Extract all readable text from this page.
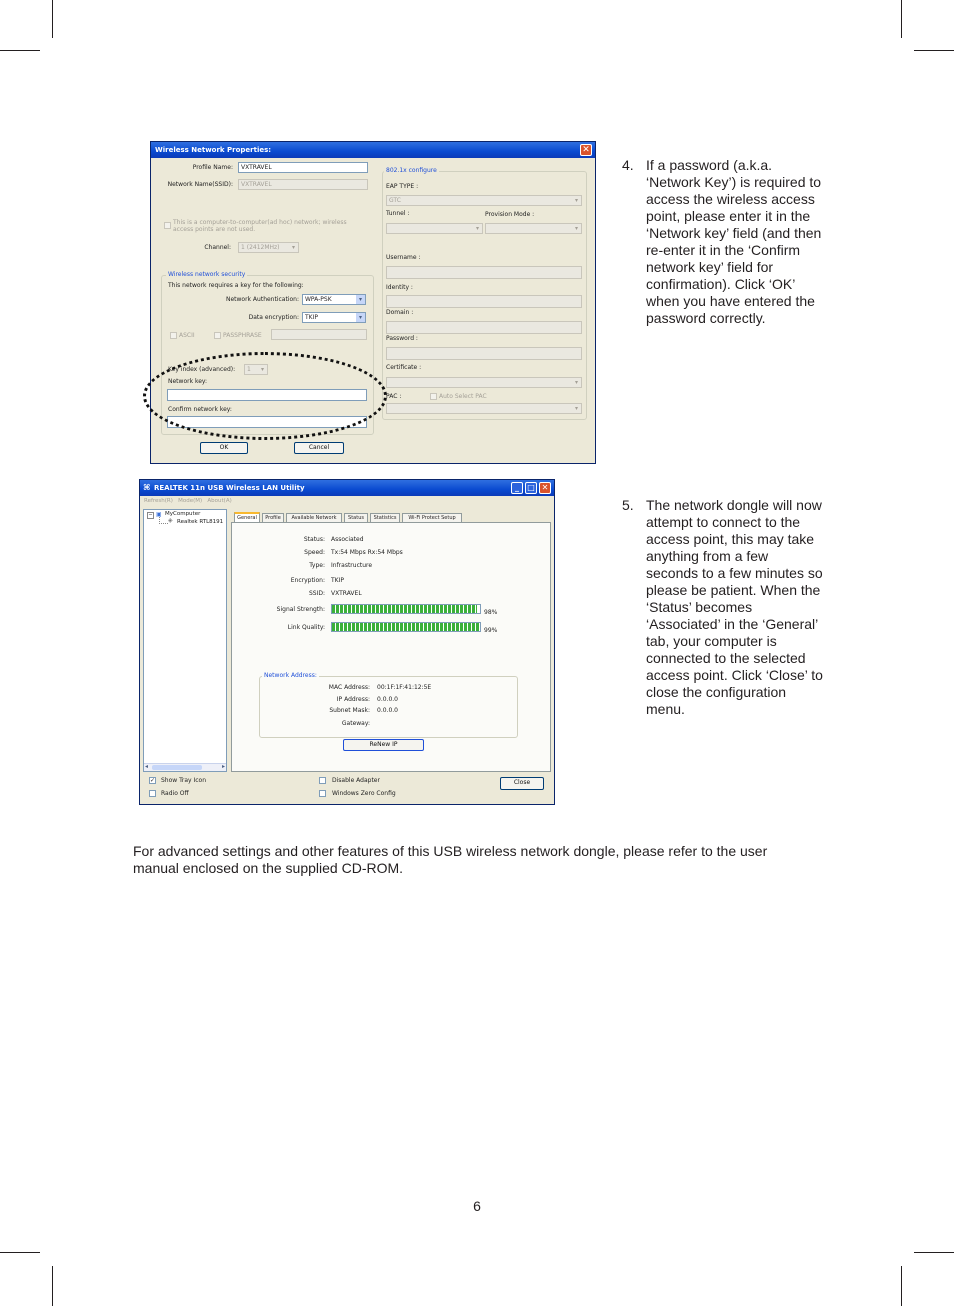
Wireless Network Properties:	✕
Profile Name:	VXTRAVEL
Network Name(SSID):	VXTRAVEL
This is a computer-to-computer(ad hoc) network; wireless access points are not used.
Channel:	1 (2412MHz)	▾
Wireless network security
This network requires a key for the following:
Network Authentication:	WPA-PSK	▾
Data encryption:	TKIP	▾
ASCII	PASSPHRASE
Key index (advanced):	1	▾
Network key:
Confirm network key:
802.1x configure
EAP TYPE :
GTC	▾
Tunnel :	Provision Mode :
▾	▾
Username :
Identity :
Domain :
Password :
Certificate :
▾
PAC :	Auto Select PAC
▾
OK	Cancel
⌘ REALTEK 11n USB Wireless LAN Utility	_	□ ✕
Refresh(R) Mode(M) About(A)
− ▣ MyComputer
◈ Realtek RTL8191
◂	▸
General	Profile	Available Network	Status	Statistics	Wi-Fi Protect Setup
Status: Associated
Speed: Tx:54 Mbps Rx:54 Mbps
Type: Infrastructure
Encryption: TKIP
SSID: VXTRAVEL
Signal Strength:	98%
Link Quality:	99%
Network Address:
MAC Address: 00:1F:1F:41:12:5E
IP Address: 0.0.0.0
Subnet Mask: 0.0.0.0
Gateway:
ReNew IP
✓ Show Tray Icon
Radio Off
Disable Adapter
Windows Zero Config
Close
4. If a password (a.k.a. ‘Network Key’) is required to access the wireless access point, please enter it in the ‘Network key’ field (and then re-enter it in the ‘Confirm network key’ field for confirmation). Click ‘OK’ when you have entered the password correctly.
5. The network dongle will now attempt to connect to the access point, this may take anything from a few seconds to a few minutes so please be patient. When the ‘Status’ becomes ‘Associated’ in the ‘General’ tab, your computer is connected to the selected access point. Click ‘Close’ to close the configuration menu.
For advanced settings and other features of this USB wireless network dongle, please refer to the user manual enclosed on the supplied CD-ROM.
6
